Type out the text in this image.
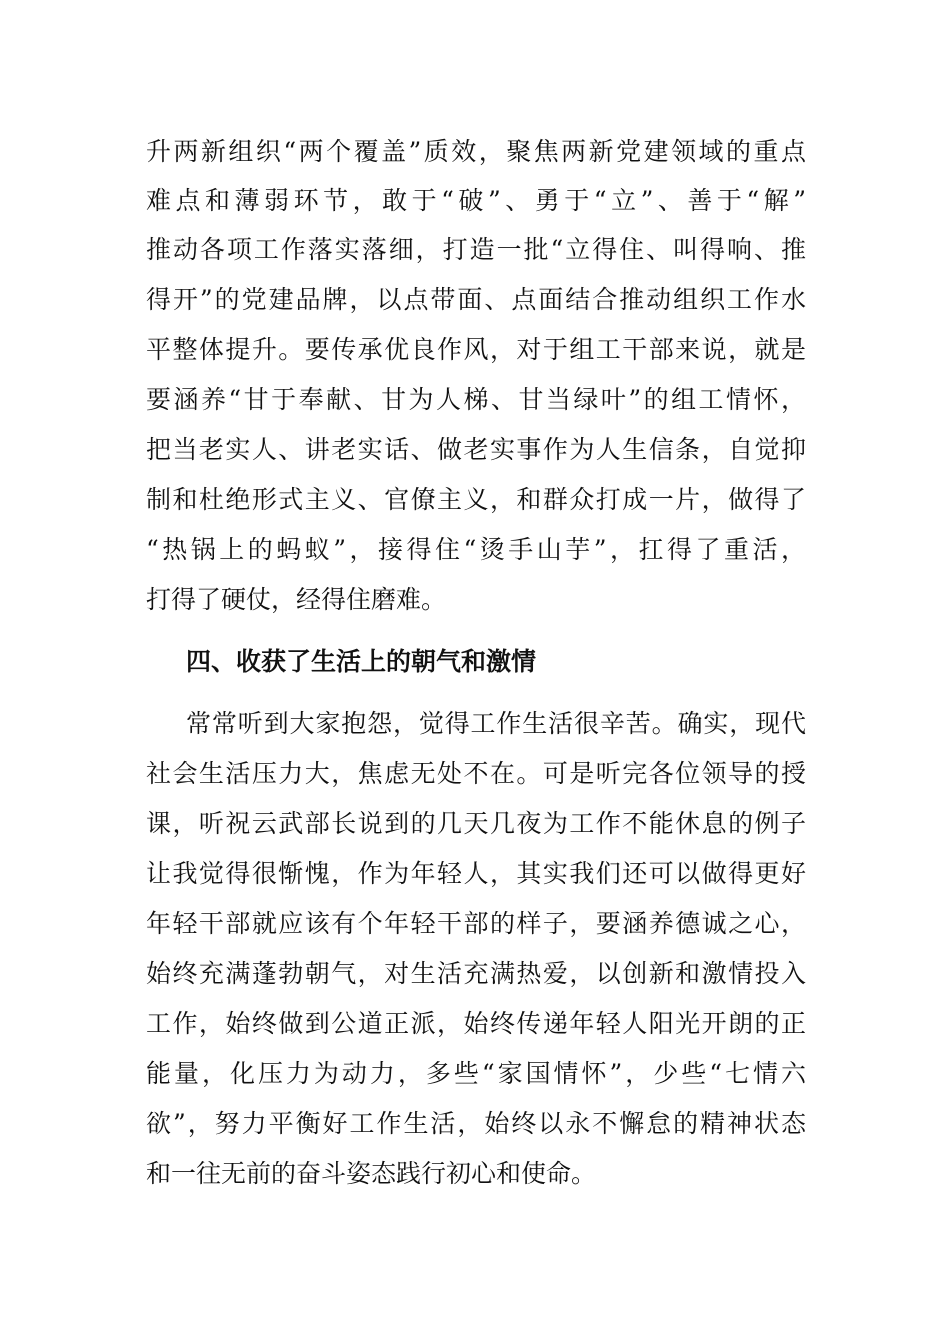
升两新组织“两个覆盖”质效，聚焦两新党建领域的重点
难点和薄弱环节，敢于“破”、勇于“立”、善于“解”
推动各项工作落实落细，打造一批“立得住、叫得响、推
得开”的党建品牌，以点带面、点面结合推动组织工作水
平整体提升。要传承优良作风，对于组工干部来说，就是
要涵养“甘于奉献、甘为人梯、甘当绿叶”的组工情怀，
把当老实人、讲老实话、做老实事作为人生信条，自觉抑
制和杜绝形式主义、官僚主义，和群众打成一片，做得了
“热锅上的蚂蚁”，接得住“烫手山芋”，扛得了重活，
打得了硬仗，经得住磨难。
四、收获了生活上的朝气和激情
常常听到大家抱怨，觉得工作生活很辛苦。确实，现代
社会生活压力大，焦虑无处不在。可是听完各位领导的授
课，听祝云武部长说到的几天几夜为工作不能休息的例子
让我觉得很惭愧，作为年轻人，其实我们还可以做得更好
年轻干部就应该有个年轻干部的样子，要涵养德诚之心，
始终充满蓬勃朝气，对生活充满热爱，以创新和激情投入
工作，始终做到公道正派，始终传递年轻人阳光开朗的正
能量，化压力为动力，多些“家国情怀”，少些“七情六
欲”，努力平衡好工作生活，始终以永不懈怠的精神状态
和一往无前的奋斗姿态践行初心和使命。
